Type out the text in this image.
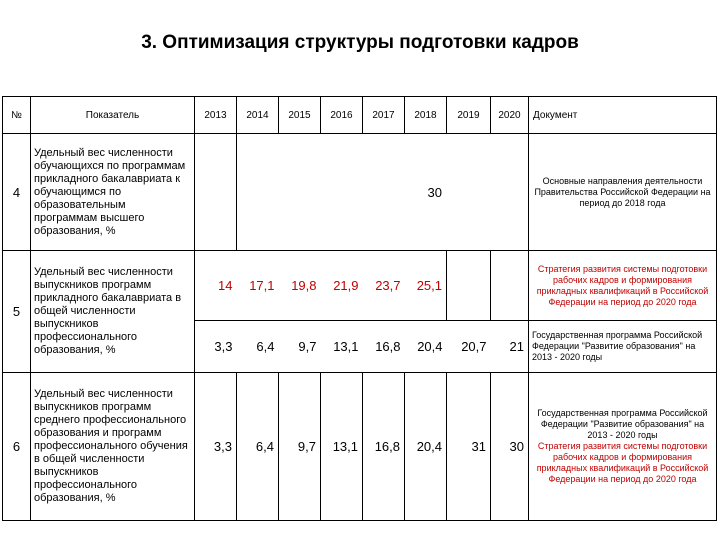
3. Оптимизация структуры подготовки кадров
№	Показатель	2013	2014	2015	2016	2017	2018	2019	2020	Документ
4	Удельный вес численности обучающихся по программам прикладного бакалавриата к обучающимся по образовательным программам высшего образования, %		30							Основные направления деятельности Правительства Российской Федерации на период до 2018 года
5	Удельный вес численности выпускников программ прикладного бакалавриата в общей численности выпускников профессионального образования, %	14	17,1	19,8	21,9	23,7	25,1			Стратегия развития системы подготовки рабочих кадров и формирования прикладных квалификаций в Российской Федерации на период до 2020 года
		3,3	6,4	9,7	13,1	16,8	20,4	20,7	21	Государственная программа Российской Федерации "Развитие образования" на 2013 - 2020 годы
6	Удельный вес численности выпускников программ среднего профессионального образования и программ профессионального обучения в общей численности выпускников профессионального образования, %	3,3	6,4	9,7	13,1	16,8	20,4	31	30	Государственная программа Российской Федерации "Развитие образования" на 2013 - 2020 годы
Стратегия развития системы подготовки рабочих кадров и формирования прикладных квалификаций в Российской Федерации на период до 2020 года
